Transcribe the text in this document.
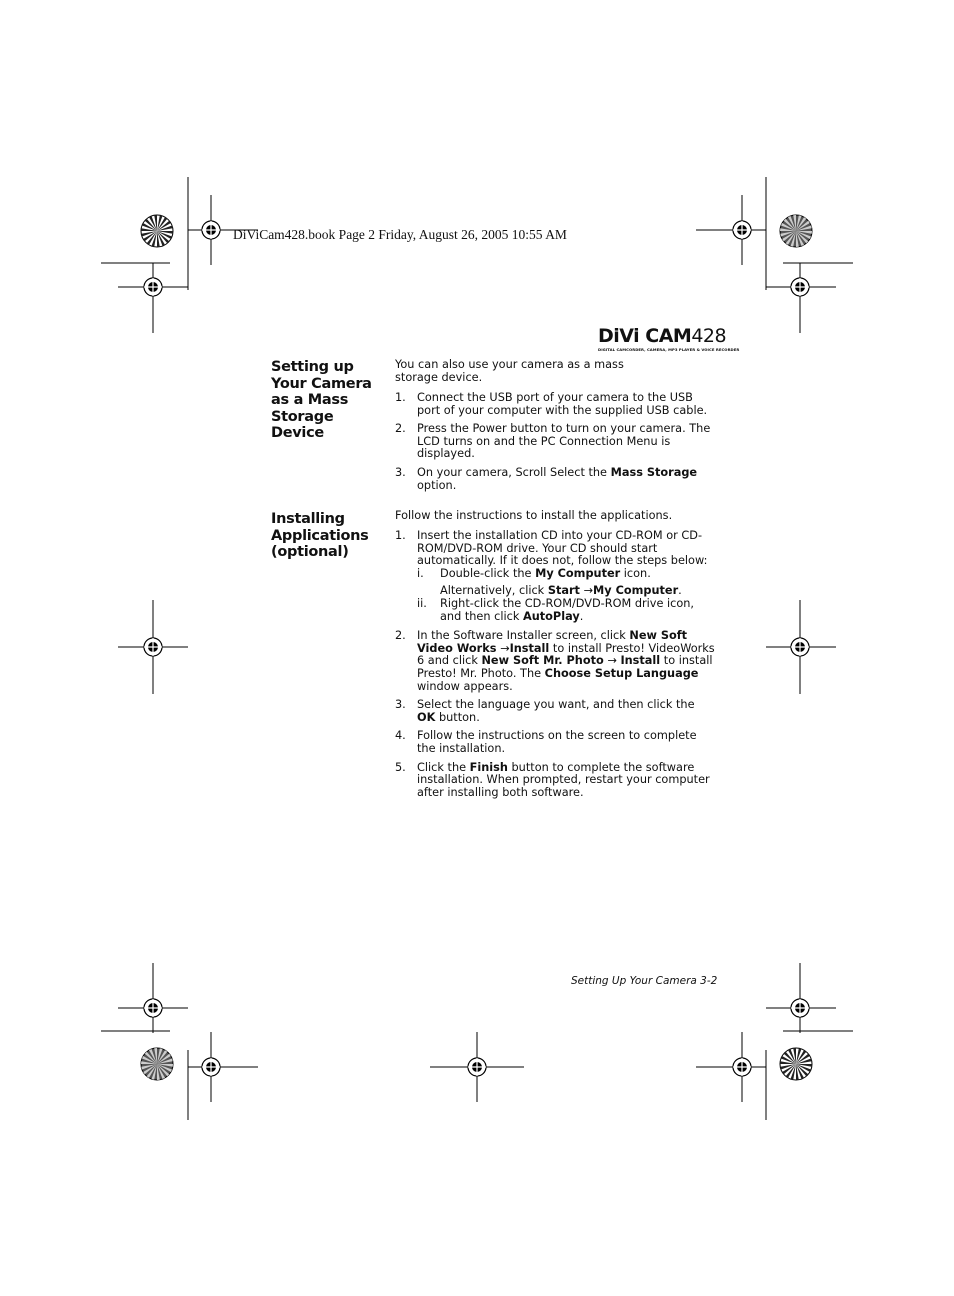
DiViCam428.book Page 2 Friday, August 26, 2005 10:55 AM
DiVi CAM428
DIGITAL CAMCORDER, CAMERA, MP3 PLAYER & VOICE RECORDER
Setting up
Your Camera
as a Mass
Storage
Device
You can also use your camera as a mass storage device.
1. Connect the USB port of your camera to the USB port of your computer with the supplied USB cable.
2. Press the Power button to turn on your camera. The LCD turns on and the PC Connection Menu is displayed.
3. On your camera, Scroll Select the Mass Storage option.
Installing
Applications
(optional)
Follow the instructions to install the applications.
1. Insert the installation CD into your CD-ROM or CD-ROM/DVD-ROM drive. Your CD should start automatically. If it does not, follow the steps below:
i. Double-click the My Computer icon.
Alternatively, click Start →My Computer.
ii. Right-click the CD-ROM/DVD-ROM drive icon, and then click AutoPlay.
2. In the Software Installer screen, click New Soft Video Works →Install to install Presto! VideoWorks 6 and click New Soft Mr. Photo → Install to install Presto! Mr. Photo. The Choose Setup Language window appears.
3. Select the language you want, and then click the OK button.
4. Follow the instructions on the screen to complete the installation.
5. Click the Finish button to complete the software installation. When prompted, restart your computer after installing both software.
Setting Up Your Camera 3-2
